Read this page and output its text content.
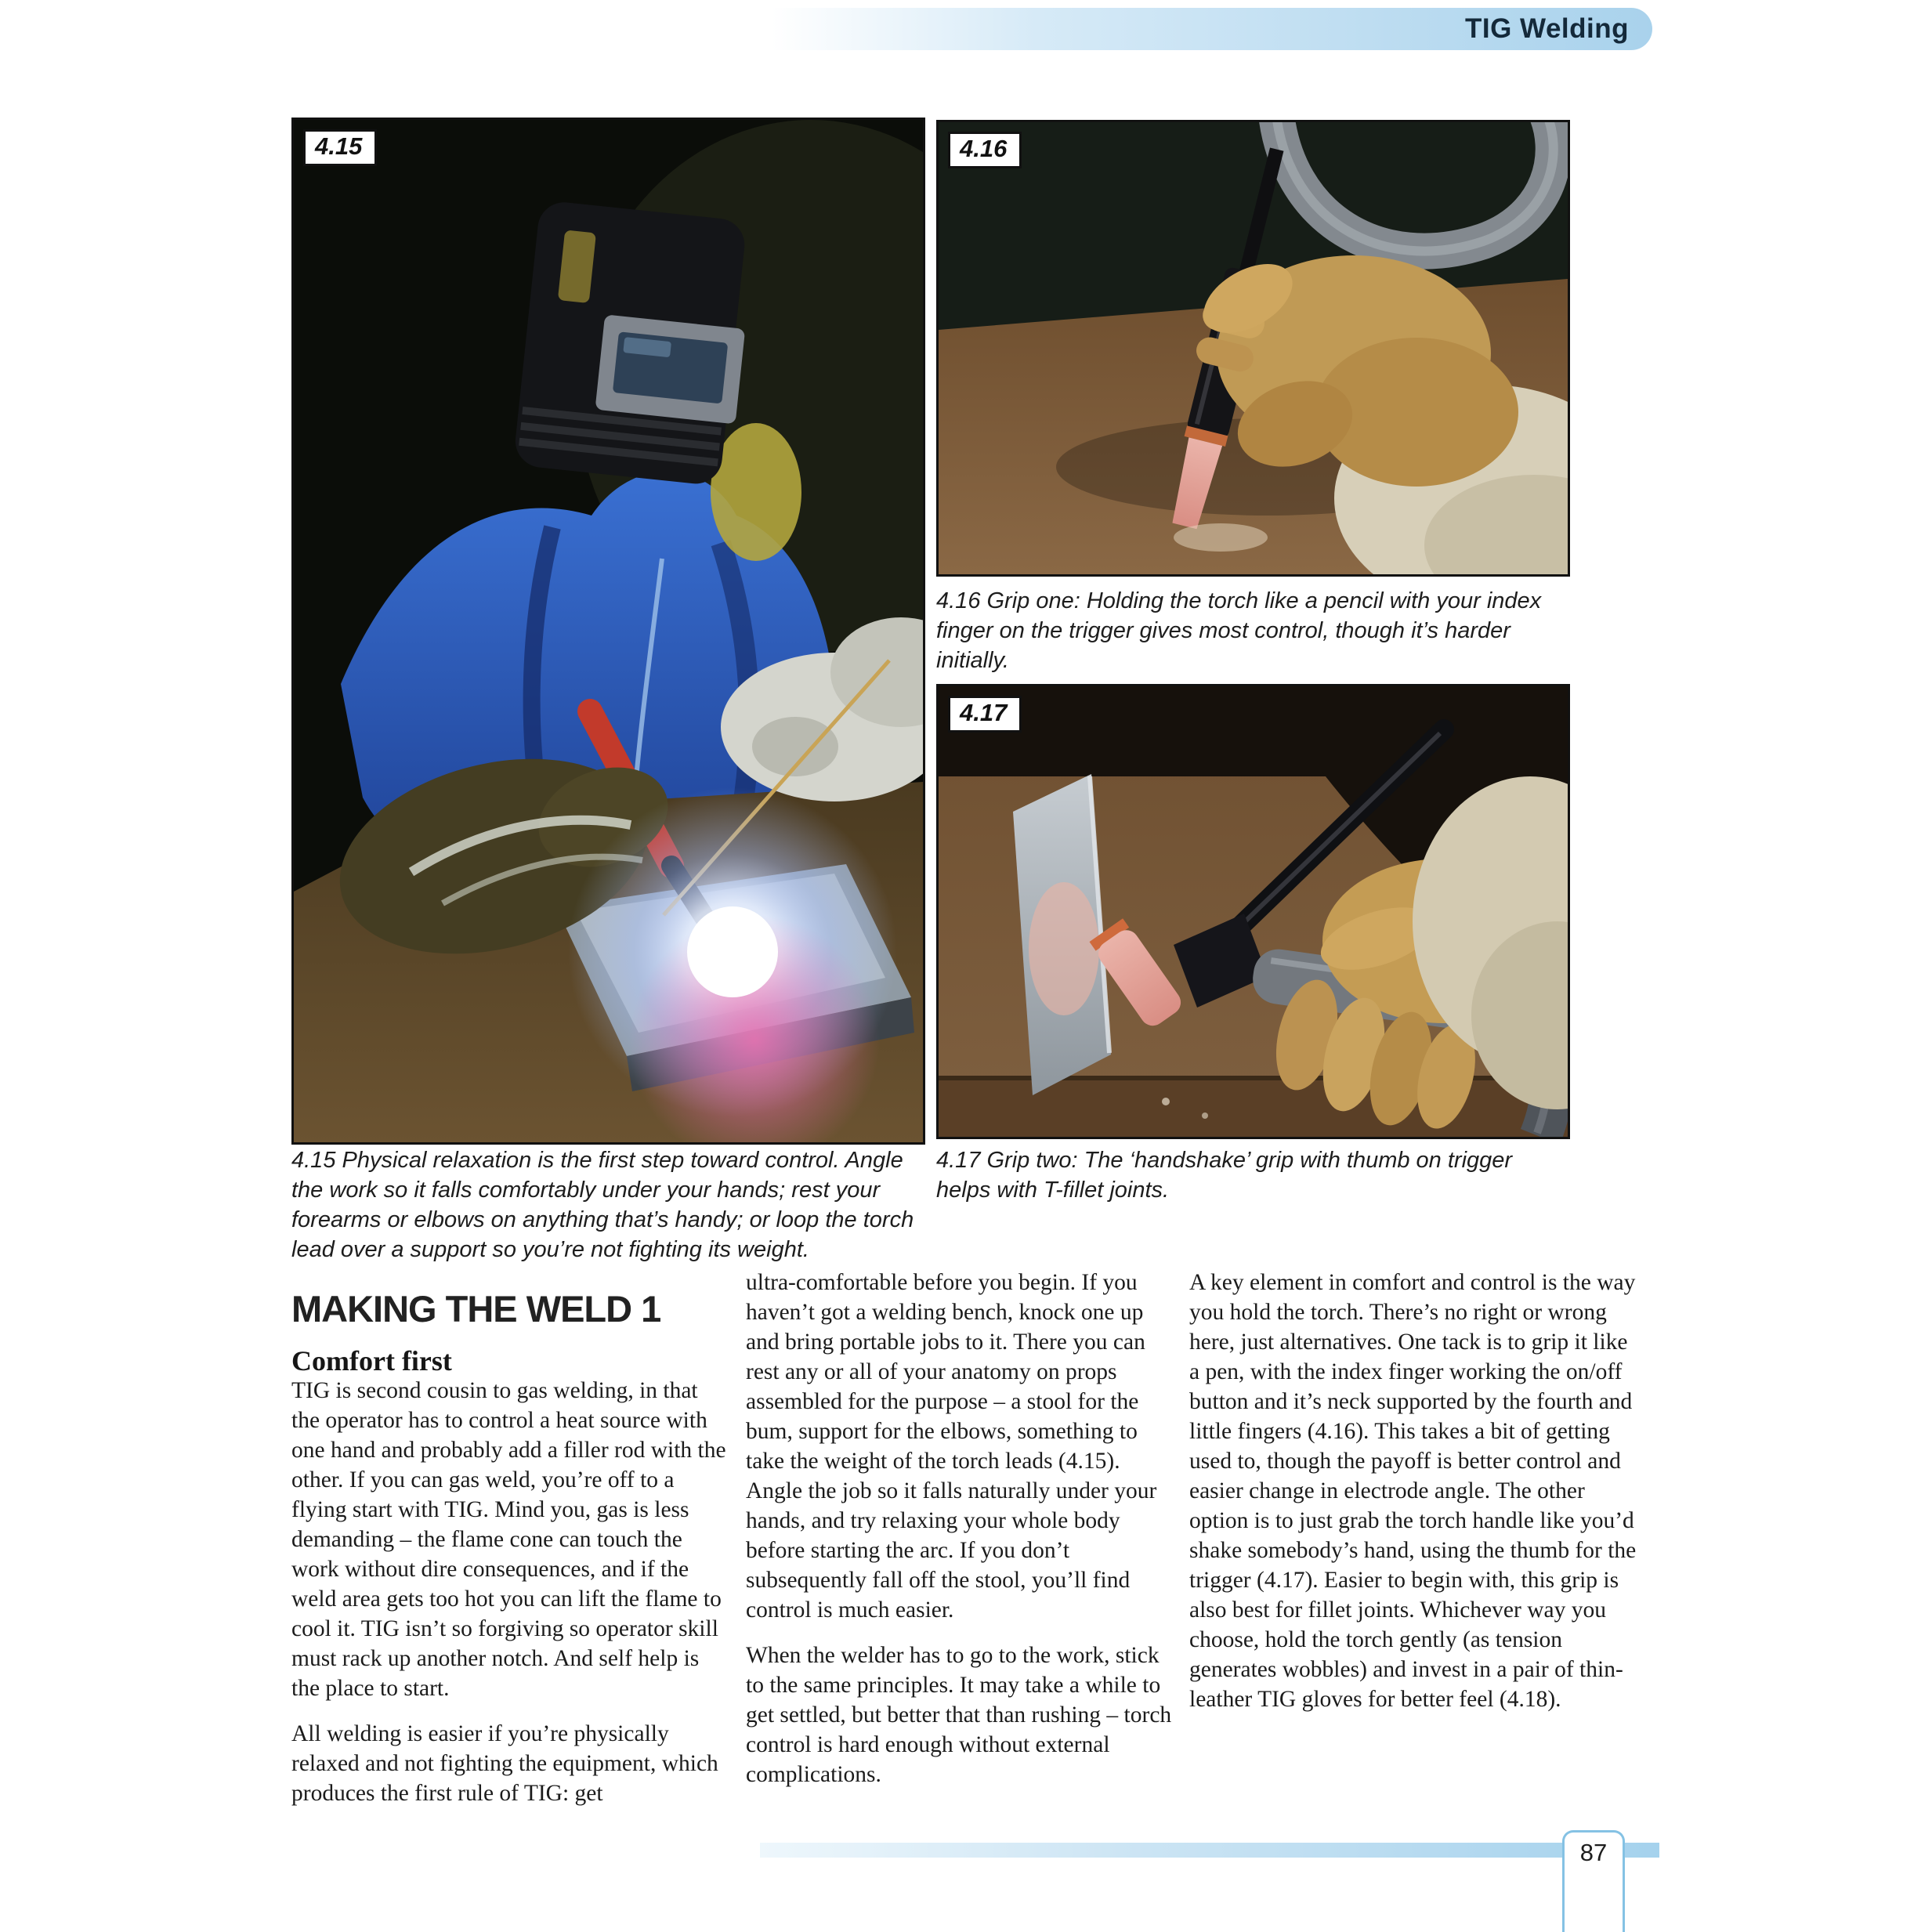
TIG Welding
4.15
4.15 Physical relaxation is the first step toward control. Angle the work so it falls comfortably under your hands; rest your forearms or elbows on anything that’s handy; or loop the torch lead over a support so you’re not fighting its weight.
4.16
4.16 Grip one: Holding the torch like a pencil with your index finger on the trigger gives most control, though it’s harder initially.
4.17
4.17 Grip two: The ‘handshake’ grip with thumb on trigger helps with T-fillet joints.
MAKING THE WELD 1
Comfort first

TIG is second cousin to gas welding, in that the operator has to control a heat source with one hand and probably add a filler rod with the other. If you can gas weld, you’re off to a flying start with TIG. Mind you, gas is less demanding – the flame cone can touch the work without dire consequences, and if the weld area gets too hot you can lift the flame to cool it. TIG isn’t so forgiving so operator skill must rack up another notch. And self help is the place to start.

All welding is easier if you’re physically relaxed and not fighting the equipment, which produces the first rule of TIG: get

ultra-comfortable before you begin. If you haven’t got a welding bench, knock one up and bring portable jobs to it. There you can rest any or all of your anatomy on props assembled for the purpose – a stool for the bum, support for the elbows, something to take the weight of the torch leads (4.15). Angle the job so it falls naturally under your hands, and try relaxing your whole body before starting the arc. If you don’t subsequently fall off the stool, you’ll find control is much easier.

When the welder has to go to the work, stick to the same principles. It may take a while to get settled, but better that than rushing – torch control is hard enough without external complications.

A key element in comfort and control is the way you hold the torch. There’s no right or wrong here, just alternatives. One tack is to grip it like a pen, with the index finger working the on/off button and it’s neck supported by the fourth and little fingers (4.16). This takes a bit of getting used to, though the payoff is better control and easier change in electrode angle. The other option is to just grab the torch handle like you’d shake somebody’s hand, using the thumb for the trigger (4.17). Easier to begin with, this grip is also best for fillet joints. Whichever way you choose, hold the torch gently (as tension generates wobbles) and invest in a pair of thin-leather TIG gloves for better feel (4.18).

87
